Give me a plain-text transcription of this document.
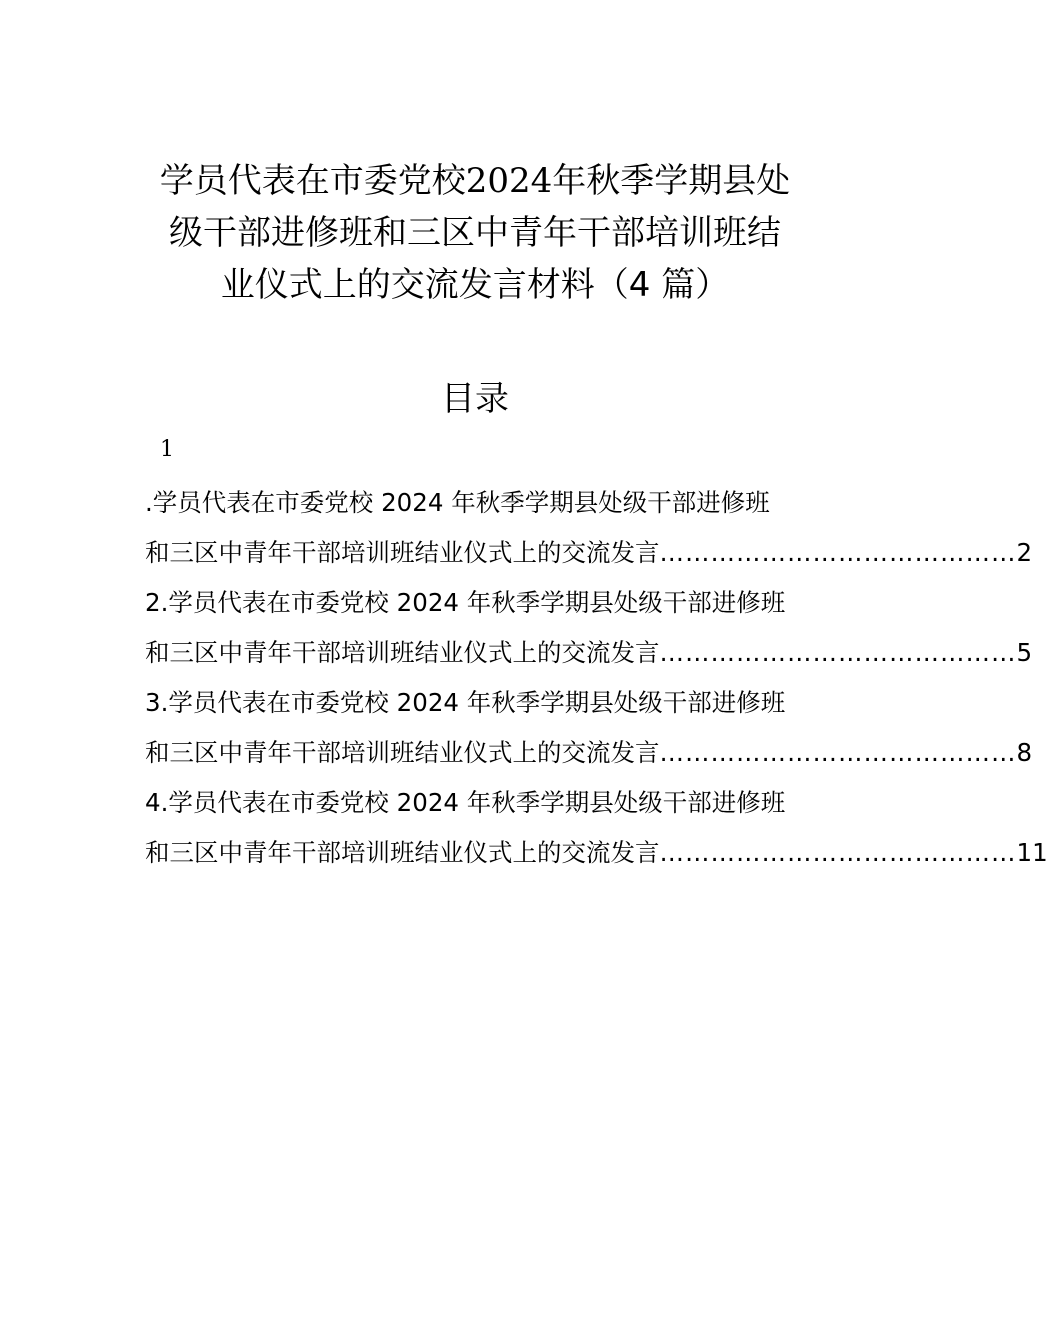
学员代表在市委党校2024年秋季学期县处
级干部进修班和三区中青年干部培训班结
业仪式上的交流发言材料（4 篇）
目录
1
.学员代表在市委党校 2024 年秋季学期县处级干部进修班
和三区中青年干部培训班结业仪式上的交流发言 …………………………………… 2
2.学员代表在市委党校 2024 年秋季学期县处级干部进修班
和三区中青年干部培训班结业仪式上的交流发言 …………………………………… 5
3.学员代表在市委党校 2024 年秋季学期县处级干部进修班
和三区中青年干部培训班结业仪式上的交流发言 …………………………………… 8
4.学员代表在市委党校 2024 年秋季学期县处级干部进修班
和三区中青年干部培训班结业仪式上的交流发言 …………………………………… 11
